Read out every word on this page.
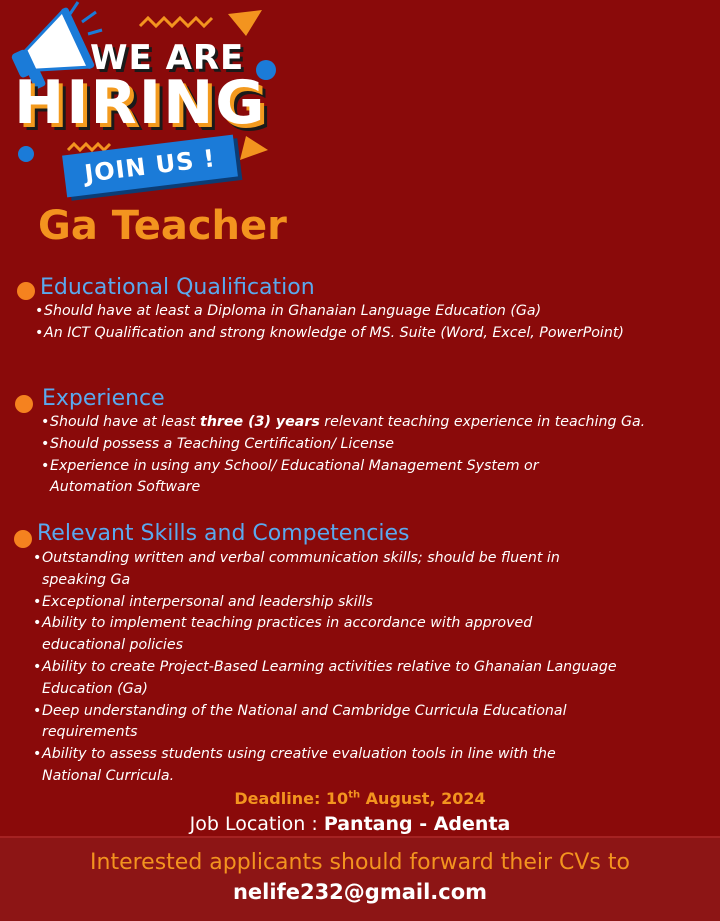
WE ARE
HIRING
JOIN US !
Ga Teacher
Educational Qualification
• Should have at least a Diploma in Ghanaian Language Education (Ga)
• An ICT Qualification and strong knowledge of MS. Suite (Word, Excel, PowerPoint)
Experience
• Should have at least three (3) years relevant teaching experience in teaching Ga.
• Should possess a Teaching Certification/ License
• Experience in using any School/ Educational Management System or Automation Software
Relevant Skills and Competencies
• Outstanding written and verbal communication skills; should be fluent in speaking Ga
• Exceptional interpersonal and leadership skills
• Ability to implement teaching practices in accordance with approved educational policies
• Ability to create Project-Based Learning activities relative to Ghanaian Language Education (Ga)
• Deep understanding of the National and Cambridge Curricula Educational requirements
• Ability to assess students using creative evaluation tools in line with the National Curricula.
Deadline: 10th August, 2024
Job Location : Pantang - Adenta
Interested applicants should forward their CVs to
nelife232@gmail.com
